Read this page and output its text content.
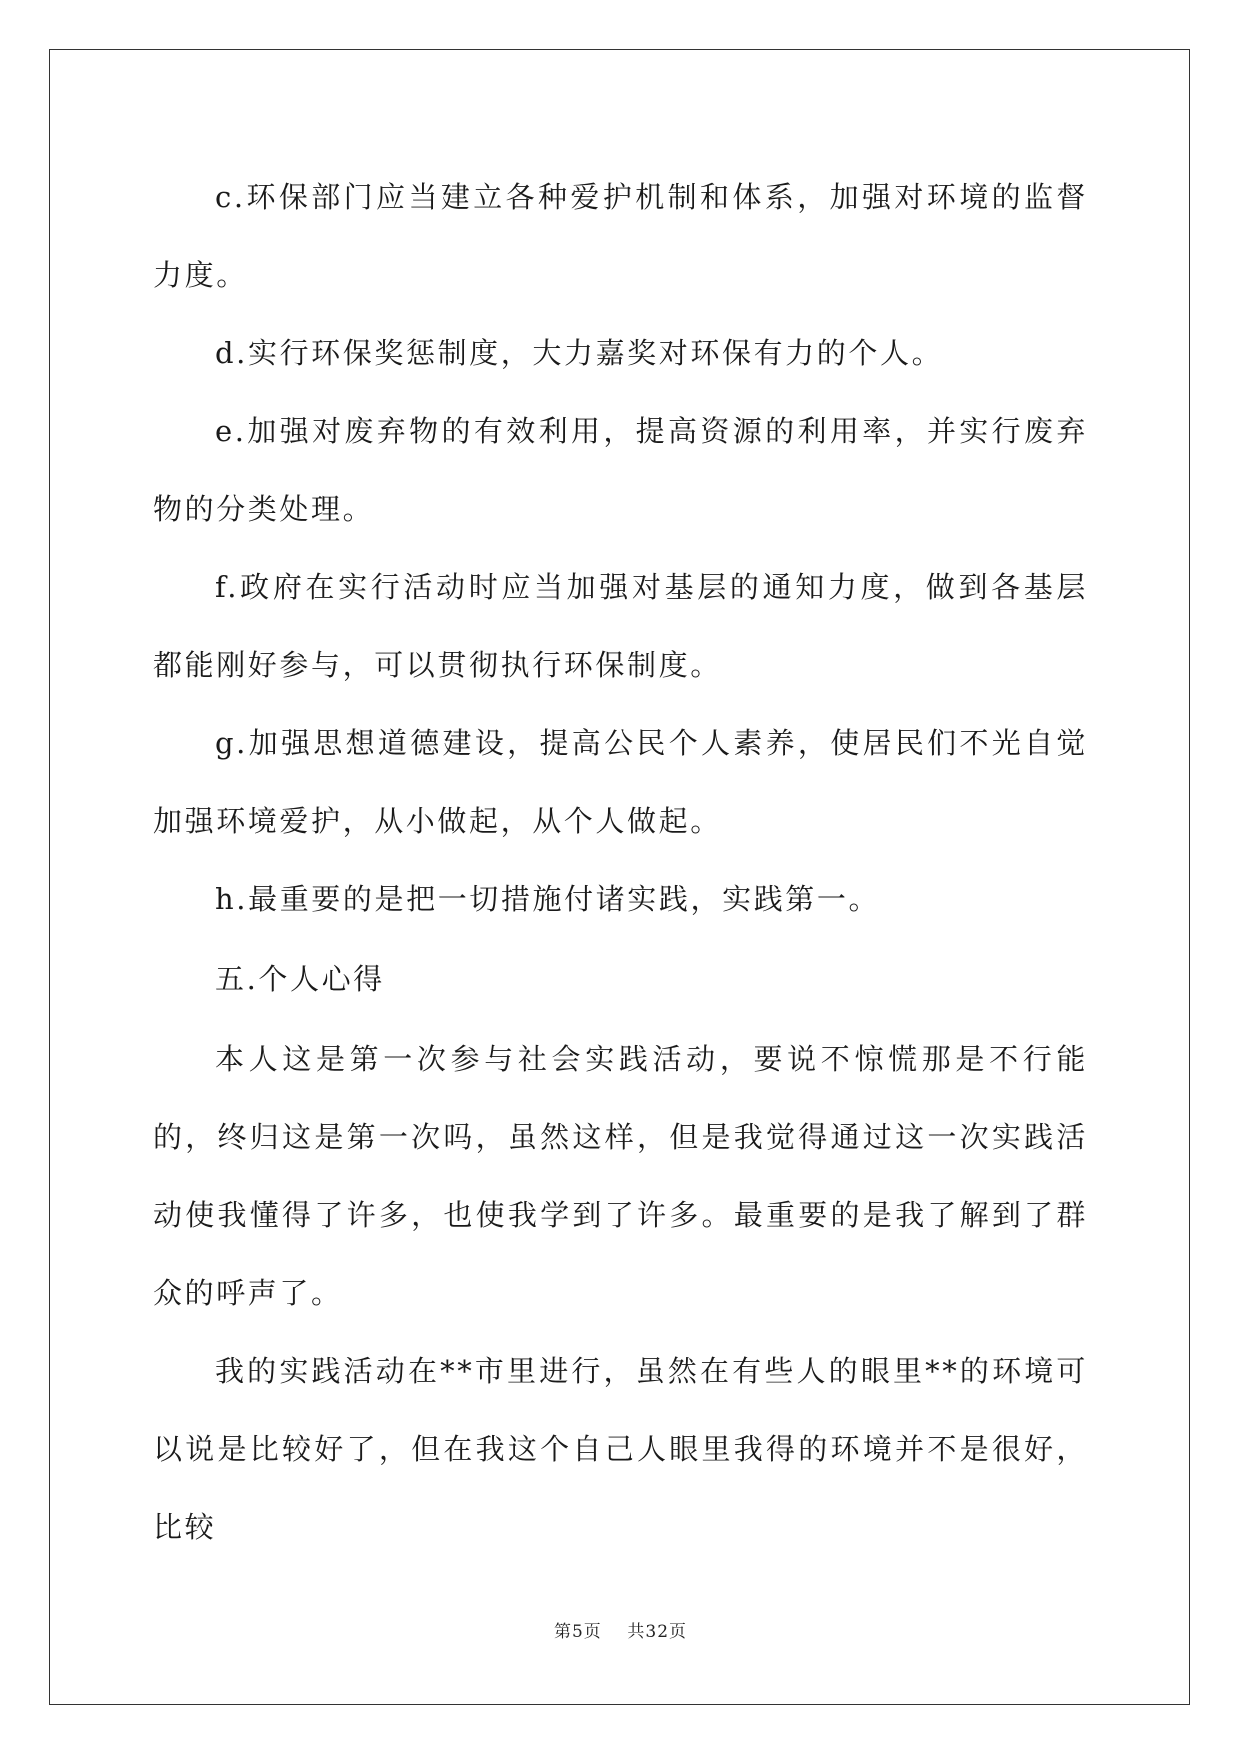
c.环保部门应当建立各种爱护机制和体系，加强对环境的监督力度。

d.实行环保奖惩制度，大力嘉奖对环保有力的个人。

e.加强对废弃物的有效利用，提高资源的利用率，并实行废弃物的分类处理。

f.政府在实行活动时应当加强对基层的通知力度，做到各基层都能刚好参与，可以贯彻执行环保制度。

g.加强思想道德建设，提高公民个人素养，使居民们不光自觉加强环境爱护，从小做起，从个人做起。

h.最重要的是把一切措施付诸实践，实践第一。

五.个人心得

本人这是第一次参与社会实践活动，要说不惊慌那是不行能的，终归这是第一次吗，虽然这样，但是我觉得通过这一次实践活动使我懂得了许多，也使我学到了许多。最重要的是我了解到了群众的呼声了。

我的实践活动在**市里进行，虽然在有些人的眼里**的环境可以说是比较好了，但在我这个自己人眼里我得的环境并不是很好，比较

第5页 共32页
